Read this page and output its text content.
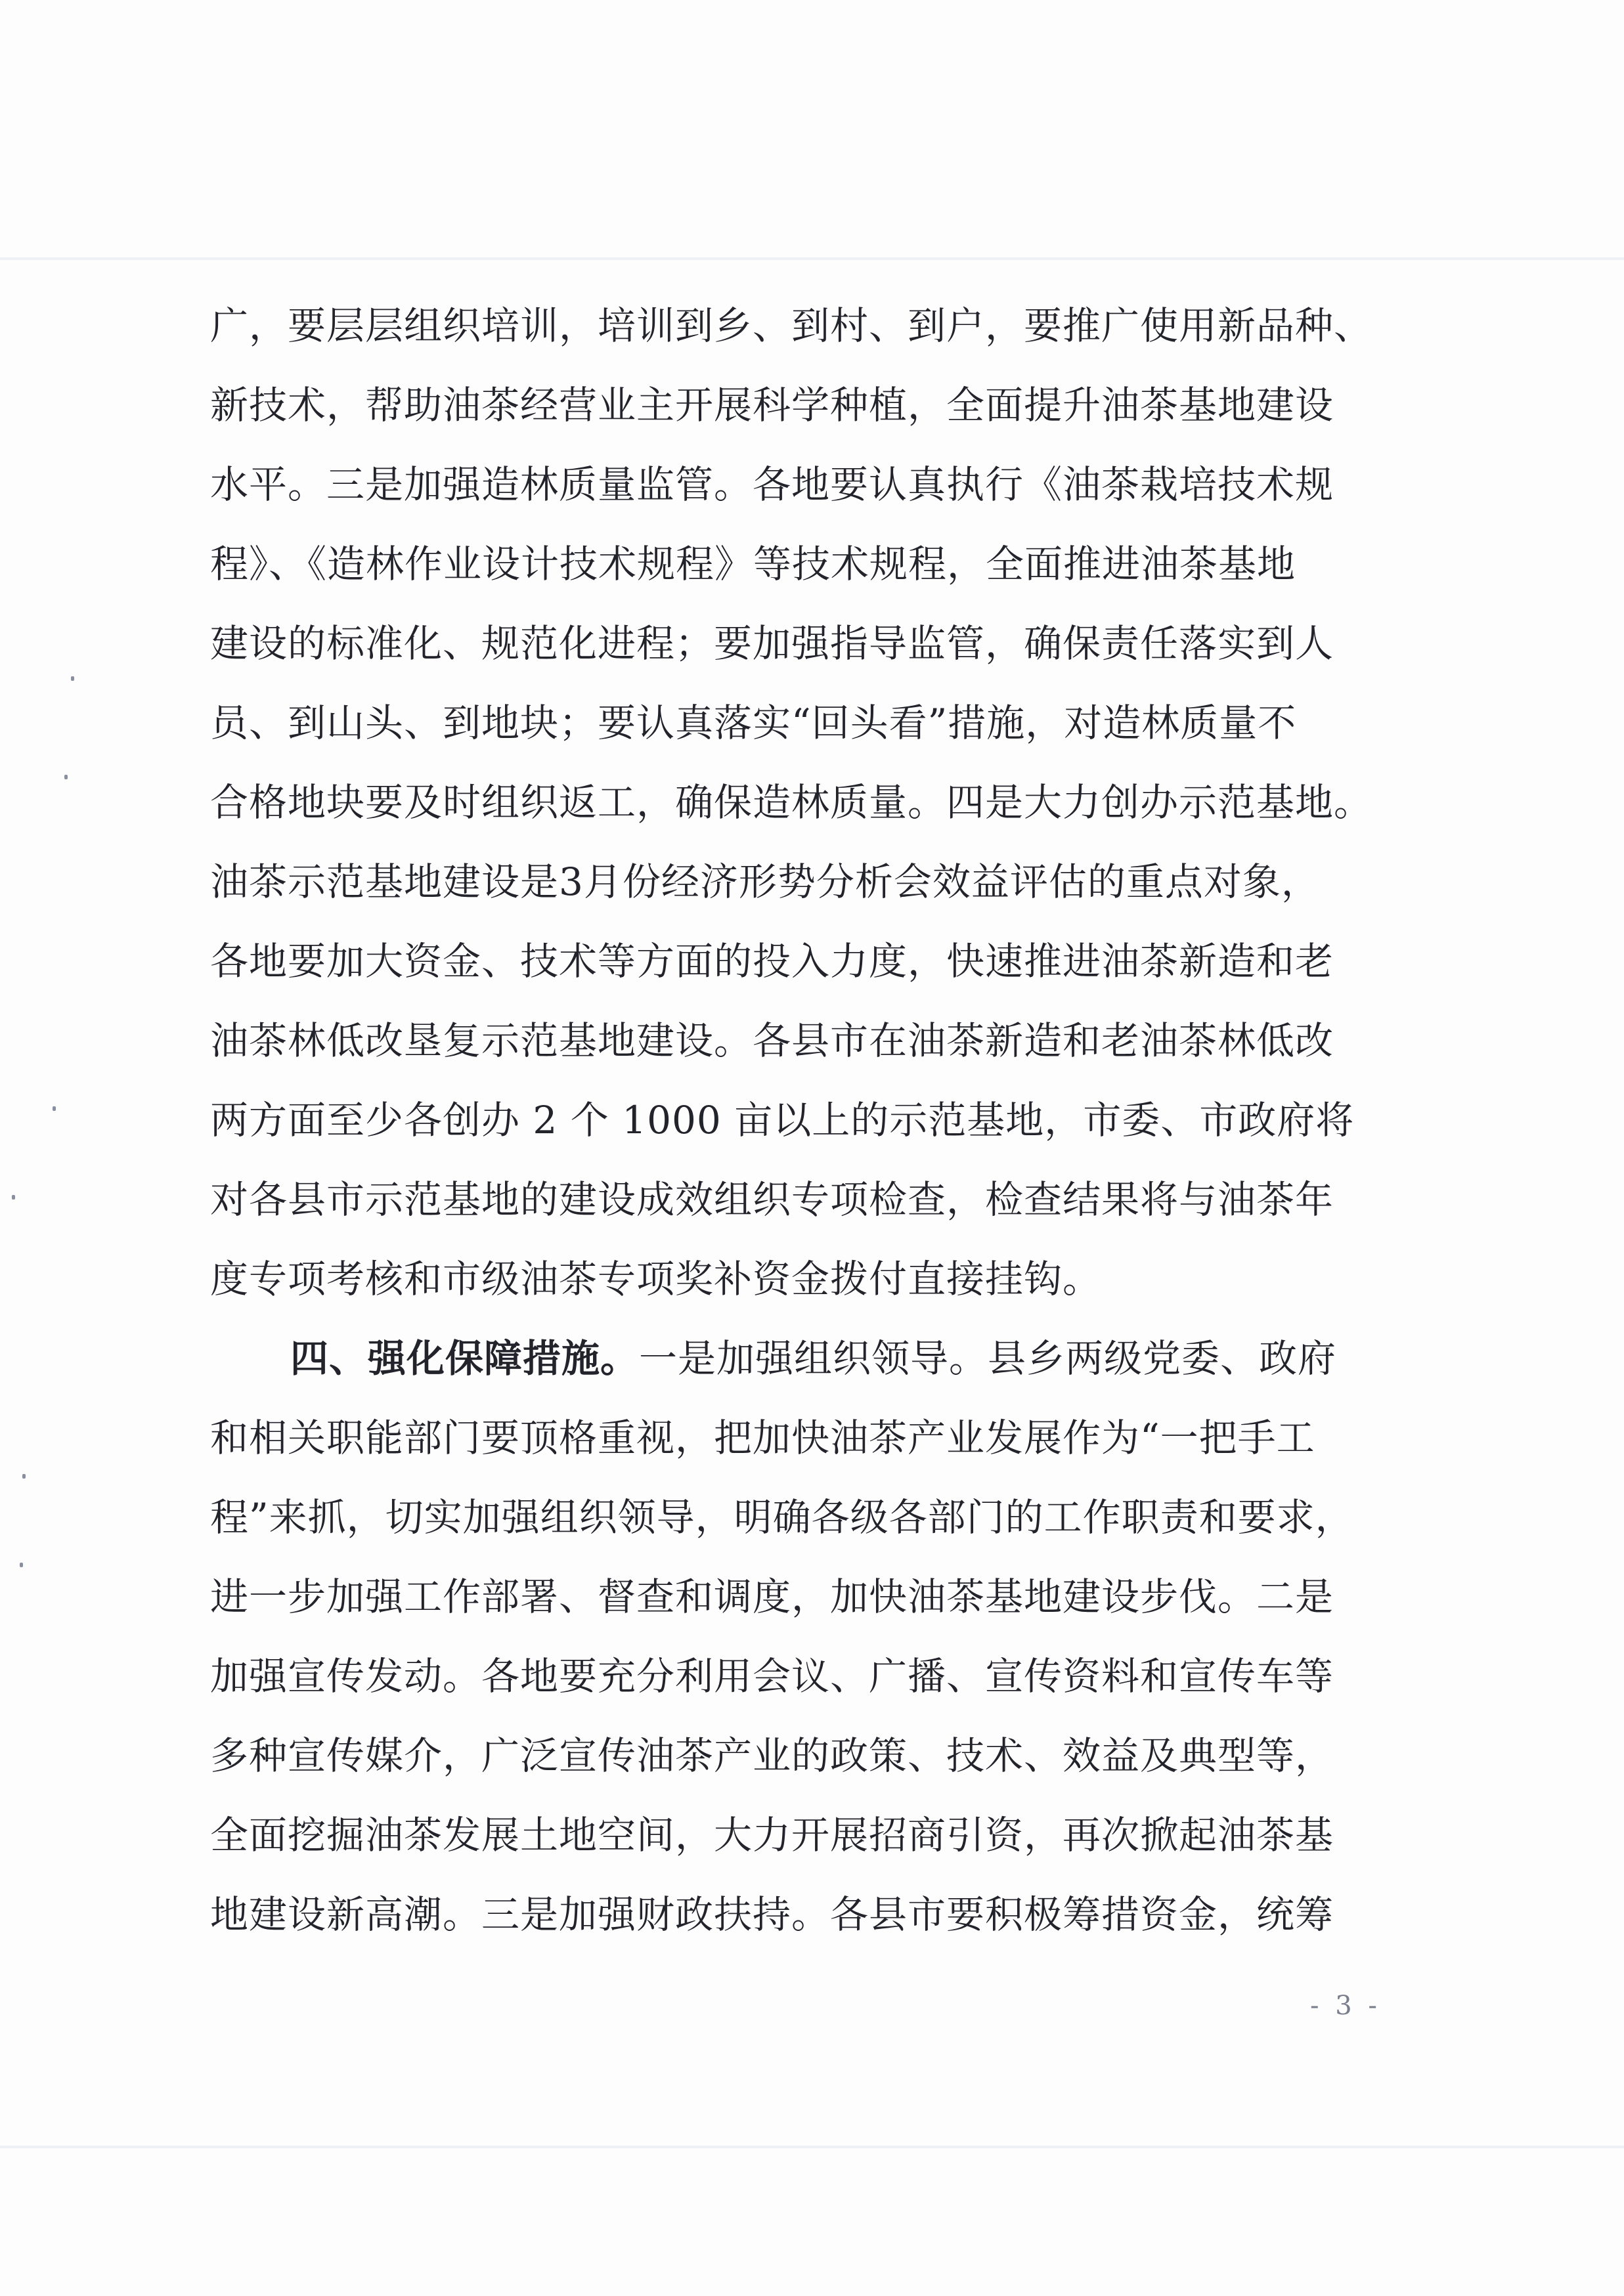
广，要层层组织培训，培训到乡、到村、到户，要推广使用新品种、
新技术，帮助油茶经营业主开展科学种植，全面提升油茶基地建设
水平。三是加强造林质量监管。各地要认真执行《油茶栽培技术规
程》、《造林作业设计技术规程》等技术规程，全面推进油茶基地
建设的标准化、规范化进程；要加强指导监管，确保责任落实到人
员、到山头、到地块；要认真落实“回头看”措施，对造林质量不
合格地块要及时组织返工，确保造林质量。四是大力创办示范基地。
油茶示范基地建设是3月份经济形势分析会效益评估的重点对象，
各地要加大资金、技术等方面的投入力度，快速推进油茶新造和老
油茶林低改垦复示范基地建设。各县市在油茶新造和老油茶林低改
两方面至少各创办 2 个 1000 亩以上的示范基地，市委、市政府将
对各县市示范基地的建设成效组织专项检查，检查结果将与油茶年
度专项考核和市级油茶专项奖补资金拨付直接挂钩。

四、强化保障措施。一是加强组织领导。县乡两级党委、政府
和相关职能部门要顶格重视，把加快油茶产业发展作为“一把手工
程”来抓，切实加强组织领导，明确各级各部门的工作职责和要求，
进一步加强工作部署、督查和调度，加快油茶基地建设步伐。二是
加强宣传发动。各地要充分利用会议、广播、宣传资料和宣传车等
多种宣传媒介，广泛宣传油茶产业的政策、技术、效益及典型等，
全面挖掘油茶发展土地空间，大力开展招商引资，再次掀起油茶基
地建设新高潮。三是加强财政扶持。各县市要积极筹措资金，统筹

- 3 -
